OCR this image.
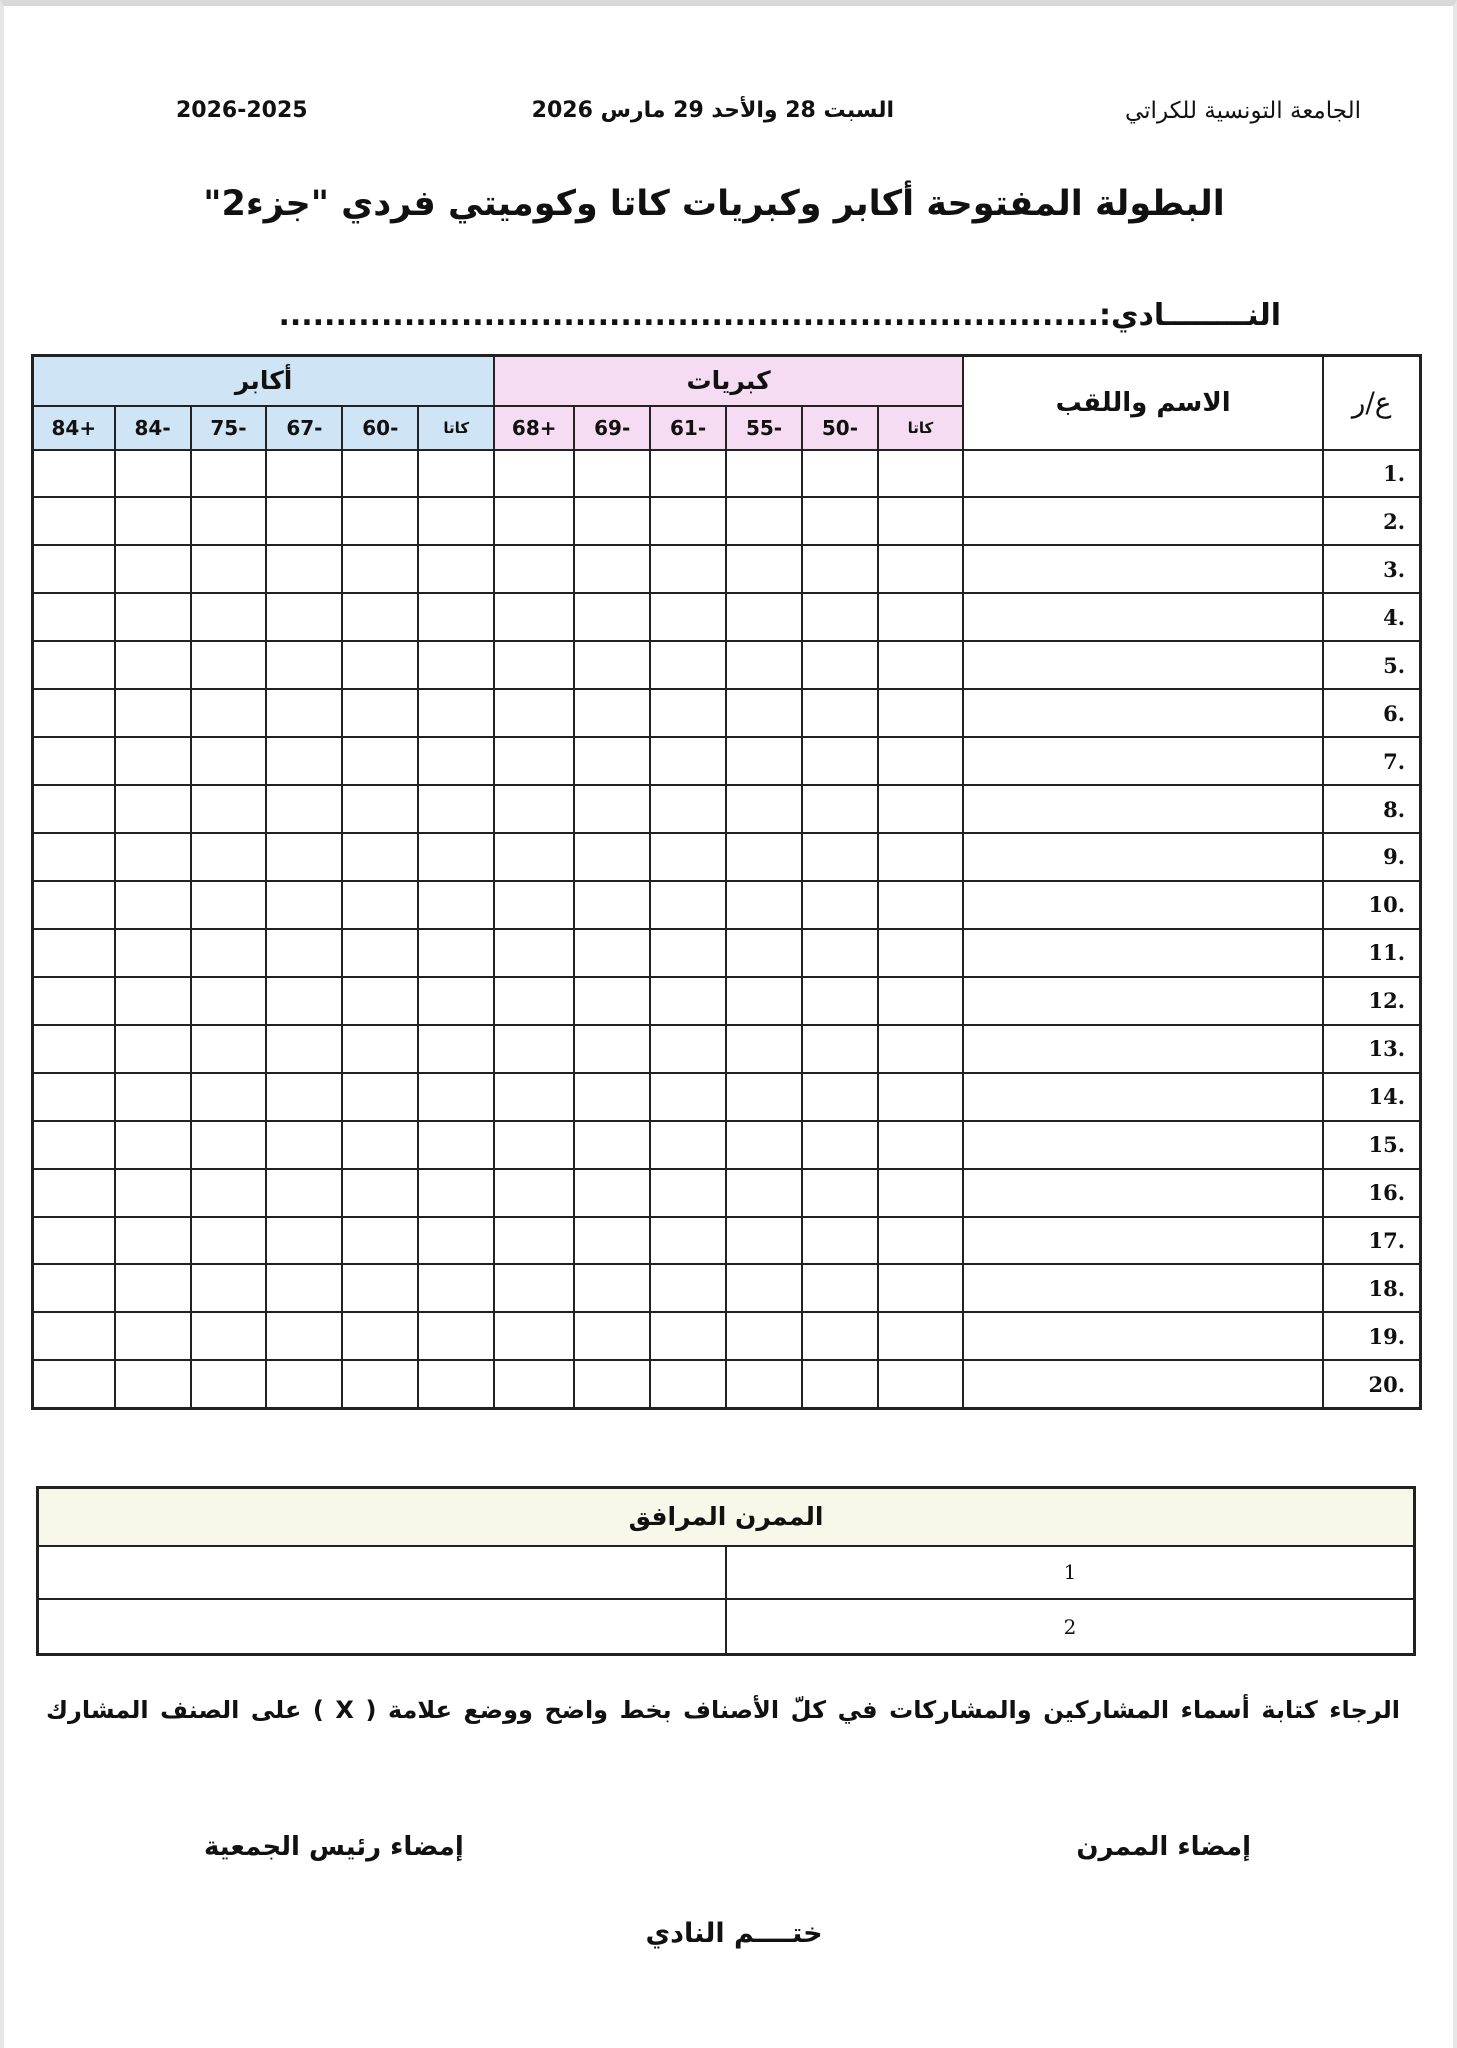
2026-2025	السبت 28 والأحد 29 مارس 2026	الجامعة التونسية للكراتي
البطولة المفتوحة أكابر وكبريات كاتا وكوميتي فردي "جزء2"
النــــــــادي:........................................................................
ع/ر	الاسم واللقب	كبريات						أكابر					
		كاتا	-50	-55	-61	-69	+68	كاتا	-60	-67	-75	-84	+84
.1													
.2													
.3													
.4													
.5													
.6													
.7													
.8													
.9													
.10													
.11													
.12													
.13													
.14													
.15													
.16													
.17													
.18													
.19													
.20													
الممرن المرافق	
1	
2	
الرجاء كتابة أسماء المشاركين والمشاركات في كلّ الأصناف بخط واضح ووضع علامة ( X ) على الصنف المشارك
إمضاء الممرن
إمضاء رئيس الجمعية
ختــــم النادي
